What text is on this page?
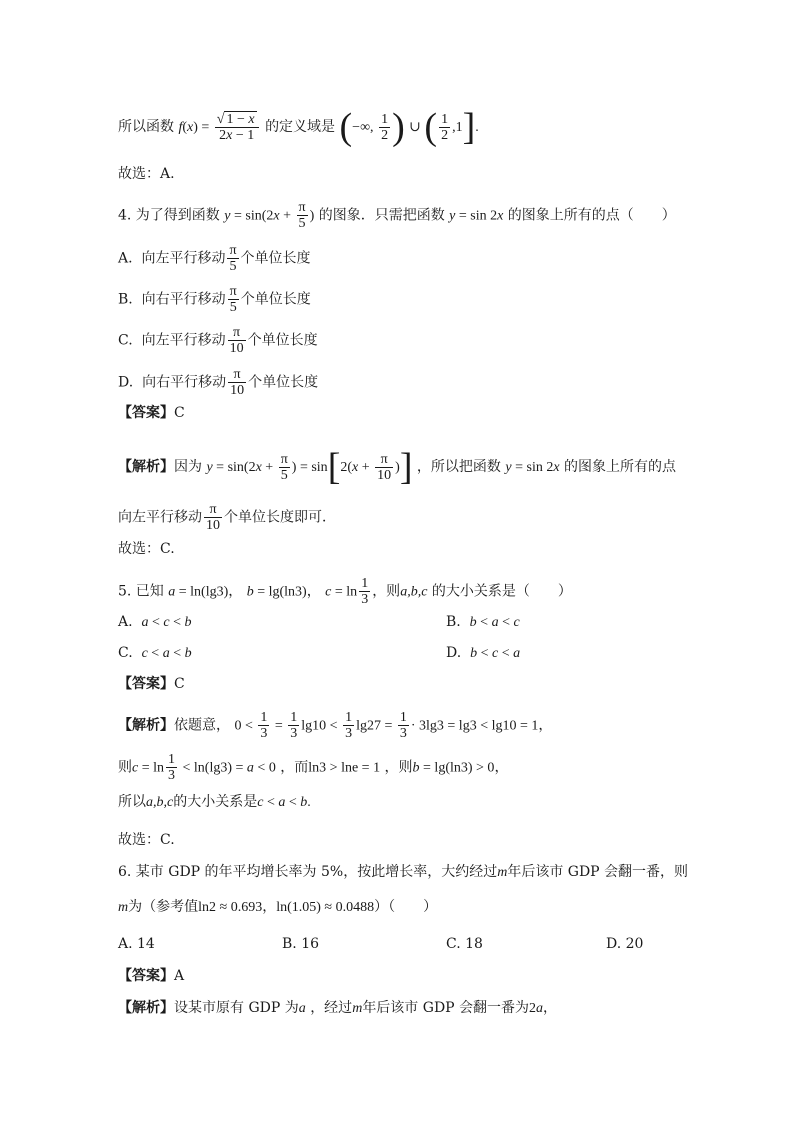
所以函数 $f(x) = \frac{√ 1 - x}{2x - 1}$ 的定义域是 (−∞, $\frac{1}{2}$ ) ∪ ( $\frac{1}{2} ,1$].
故选：A.
4. 为了得到函数 $y = \sin(2x + \frac{\pi}{5}$ ) 的图象．只需把函数 y = sin 2x 的图象上所有的点（　　）
A. 向左平行移动 $\frac{\pi}{5}$ 个单位长度
B. 向右平行移动 $\frac{\pi}{5}$ 个单位长度
C. 向左平行移动 $\frac{\pi}{10}$ 个单位长度
D. 向右平行移动 $\frac{\pi}{10}$ 个单位长度
【答案】C
【解析】因为 $y = \sin(2x + \frac{\pi}{5}$ ) = $\sin[2(x + \frac{\pi}{10}$ )] ，所以把函数 y = sin 2x 的图象上所有的点
向左平行移动 $\frac{\pi}{10}$ 个单位长度即可．
故选：C.
5. 已知 a = ln(lg3)， b = lg(ln3)， $c = \ln \frac{1}{3}$ ，则a,b,c 的大小关系是（　　）
A. a < c < b	B. b < a < c
C. c < a < b	D. b < c < a
【答案】C
【解析】依题意， $0 < \frac{1}{3} = \frac{1}{3} \lg 10 < \frac{1}{3} \lg 27 = \frac{1}{3} \cdot 3\lg 3 = \lg 3 < \lg 10 = 1$，
则$c = \ln \frac{1}{3} < \ln(\lg 3) = a < 0$ ，而ln3 > lne = 1 ，则b = lg(ln3) > 0，
所以a,b,c的大小关系是c < a < b.
故选：C.
6. 某市 GDP 的年平均增长率为 5%，按此增长率，大约经过m年后该市 GDP 会翻一番，则
m为（参考值ln2 ≈ 0.693，ln(1.05) ≈ 0.0488）（　　）
A. 14	B. 16	C. 18	D. 20
【答案】A
【解析】设某市原有 GDP 为a ，经过m年后该市 GDP 会翻一番为2a，
